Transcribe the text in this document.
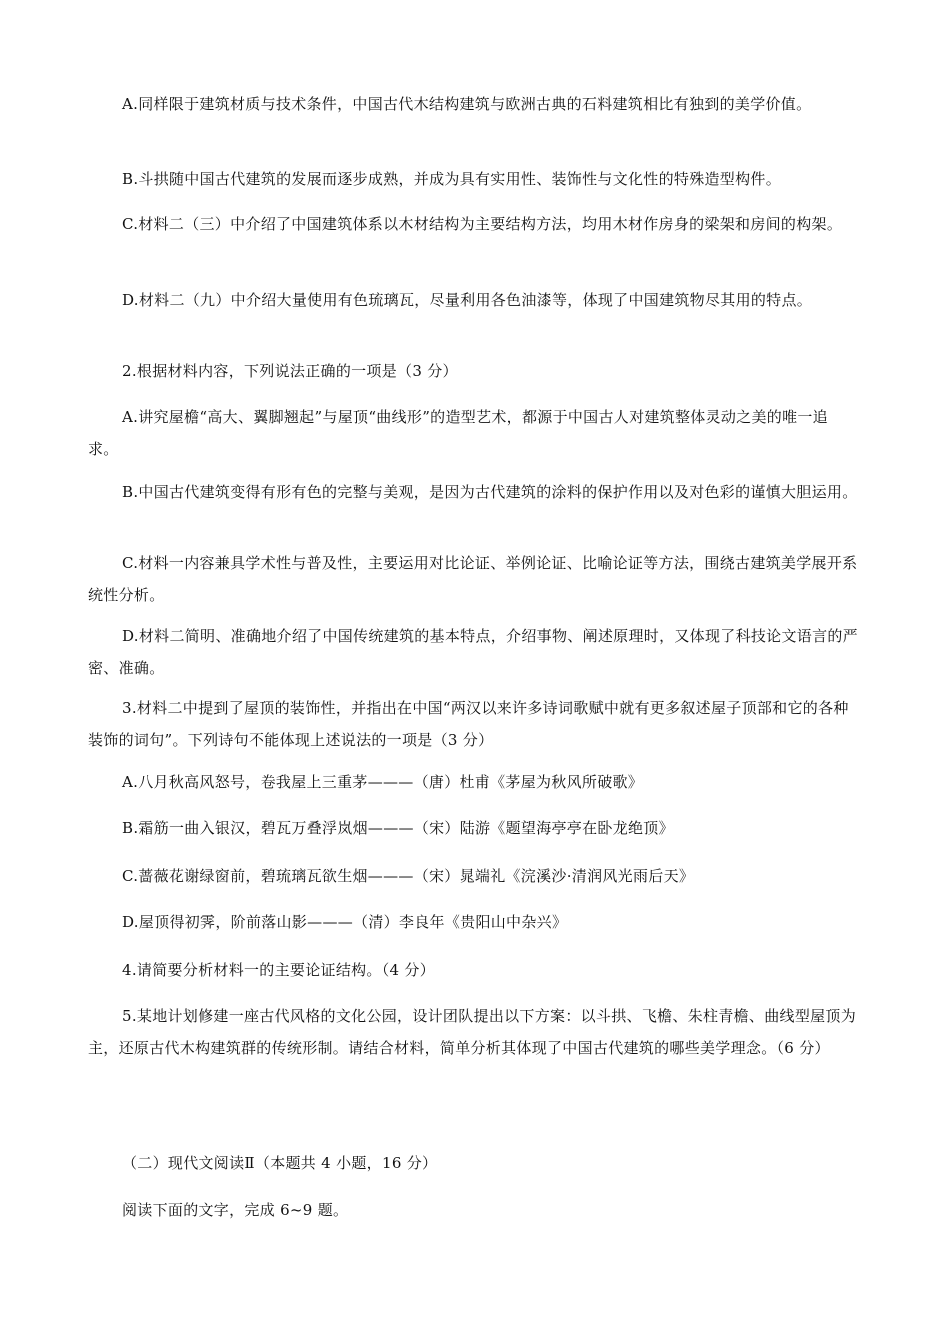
A.同样限于建筑材质与技术条件，中国古代木结构建筑与欧洲古典的石料建筑相比有独到的美学价值。

B.斗拱随中国古代建筑的发展而逐步成熟，并成为具有实用性、装饰性与文化性的特殊造型构件。

C.材料二（三）中介绍了中国建筑体系以木材结构为主要结构方法，均用木材作房身的梁架和房间的构架。

D.材料二（九）中介绍大量使用有色琉璃瓦，尽量利用各色油漆等，体现了中国建筑物尽其用的特点。

2.根据材料内容，下列说法正确的一项是（3 分）

A.讲究屋檐“高大、翼脚翘起”与屋顶“曲线形”的造型艺术，都源于中国古人对建筑整体灵动之美的唯一追求。

B.中国古代建筑变得有形有色的完整与美观，是因为古代建筑的涂料的保护作用以及对色彩的谨慎大胆运用。

C.材料一内容兼具学术性与普及性，主要运用对比论证、举例论证、比喻论证等方法，围绕古建筑美学展开系统性分析。

D.材料二简明、准确地介绍了中国传统建筑的基本特点，介绍事物、阐述原理时，又体现了科技论文语言的严密、准确。

3.材料二中提到了屋顶的装饰性，并指出在中国“两汉以来许多诗词歌赋中就有更多叙述屋子顶部和它的各种装饰的词句”。下列诗句不能体现上述说法的一项是（3 分）

A.八月秋高风怒号，卷我屋上三重茅———（唐）杜甫《茅屋为秋风所破歌》

B.霜筋一曲入银汉，碧瓦万叠浮岚烟———（宋）陆游《题望海亭亭在卧龙绝顶》

C.蔷薇花谢绿窗前，碧琉璃瓦欲生烟———（宋）晁端礼《浣溪沙·清润风光雨后天》

D.屋顶得初霁，阶前落山影———（清）李良年《贵阳山中杂兴》

4.请简要分析材料一的主要论证结构。（4 分）

5.某地计划修建一座古代风格的文化公园，设计团队提出以下方案：以斗拱、飞檐、朱柱青檐、曲线型屋顶为主，还原古代木构建筑群的传统形制。请结合材料，简单分析其体现了中国古代建筑的哪些美学理念。（6 分）

（二）现代文阅读Ⅱ（本题共 4 小题，16 分）

阅读下面的文字，完成 6~9 题。
